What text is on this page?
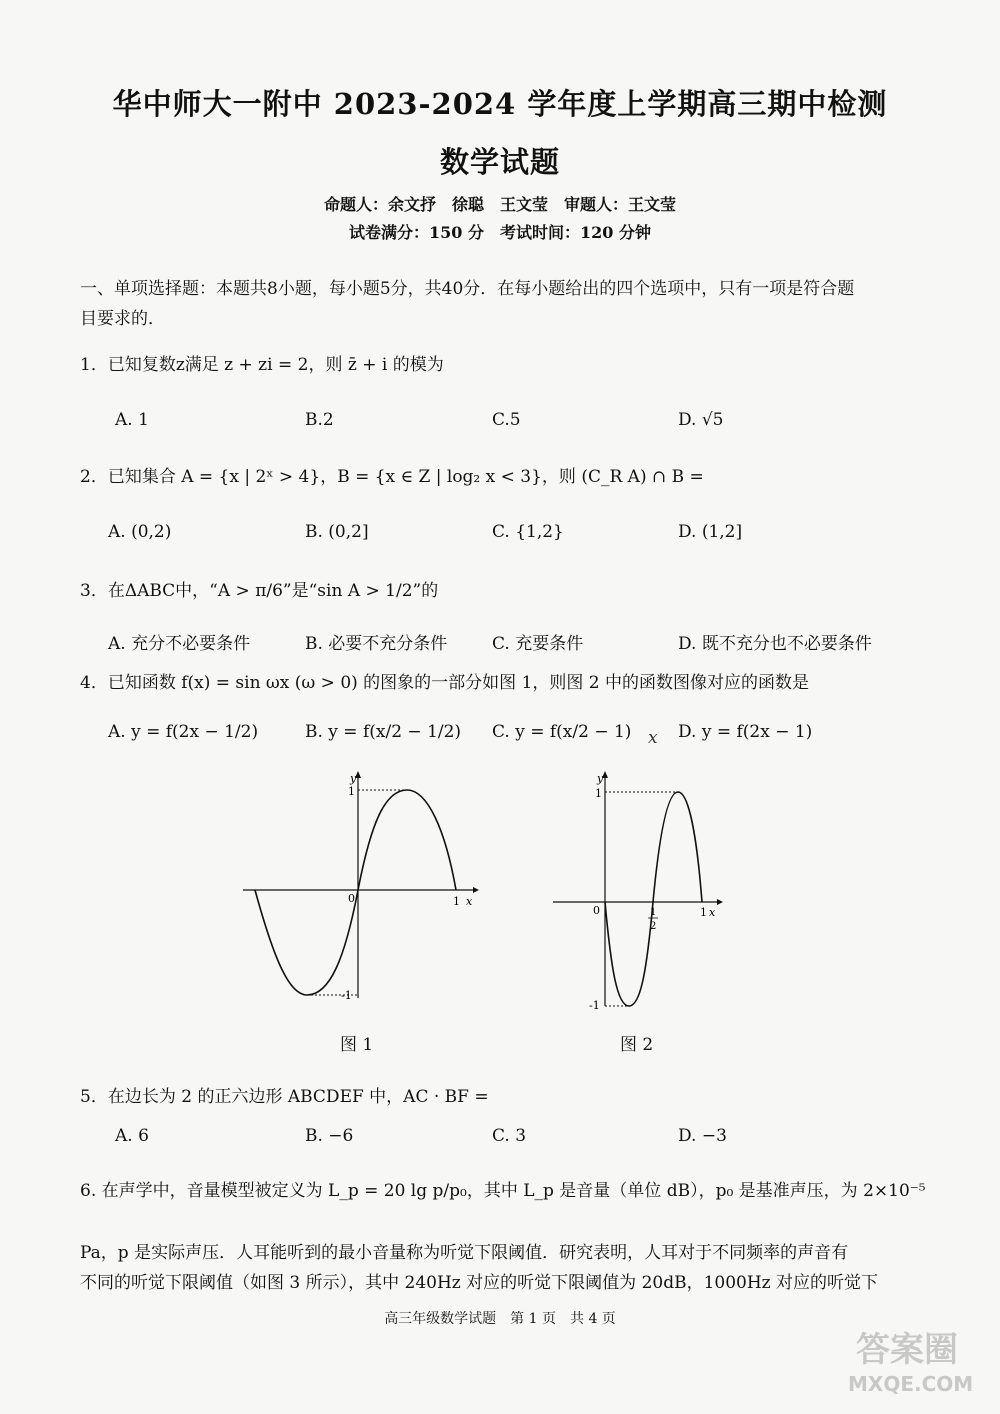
华中师大一附中 2023-2024 学年度上学期高三期中检测
数学试题
命题人：余文抒　徐聪　王文莹　审题人：王文莹
试卷满分：150 分　考试时间：120 分钟
一、单项选择题：本题共8小题，每小题5分，共40分．在每小题给出的四个选项中，只有一项是符合题
目要求的．
1．已知复数z满足 z + zi = 2，则 z̄ + i 的模为
A. 1	B.2	C.5	D. √5
2．已知集合 A = {x | 2ˣ > 4}，B = {x ∈ Z | log₂ x < 3}，则 (C_R A) ∩ B =
A. (0,2)	B. (0,2]	C. {1,2}	D. (1,2]
3．在ΔABC中，“A > π/6”是“sin A > 1/2”的
A. 充分不必要条件	B. 必要不充分条件	C. 充要条件	D. 既不充分也不必要条件
4．已知函数 f(x) = sin ωx (ω > 0) 的图象的一部分如图 1，则图 2 中的函数图像对应的函数是
A. y = f(2x − 1/2)	B. y = f(x/2 − 1/2) C. y = f(x/2 − 1) x D. y = f(2x − 1)
y
x
0	1
1
-1
图 1
y
x
0	1
1
-1
1
2
图 2
5．在边长为 2 的正六边形 ABCDEF 中，AC · BF =
A. 6	B. −6	C. 3	D. −3
6. 在声学中，音量模型被定义为 L_p = 20 lg p/p₀，其中 L_p 是音量（单位 dB），p₀ 是基准声压，为 2×10⁻⁵
Pa，p 是实际声压．人耳能听到的最小音量称为听觉下限阈值．研究表明，人耳对于不同频率的声音有
不同的听觉下限阈值（如图 3 所示），其中 240Hz 对应的听觉下限阈值为 20dB，1000Hz 对应的听觉下
高三年级数学试题　第 1 页　共 4 页
答案圈
MXQE.COM
